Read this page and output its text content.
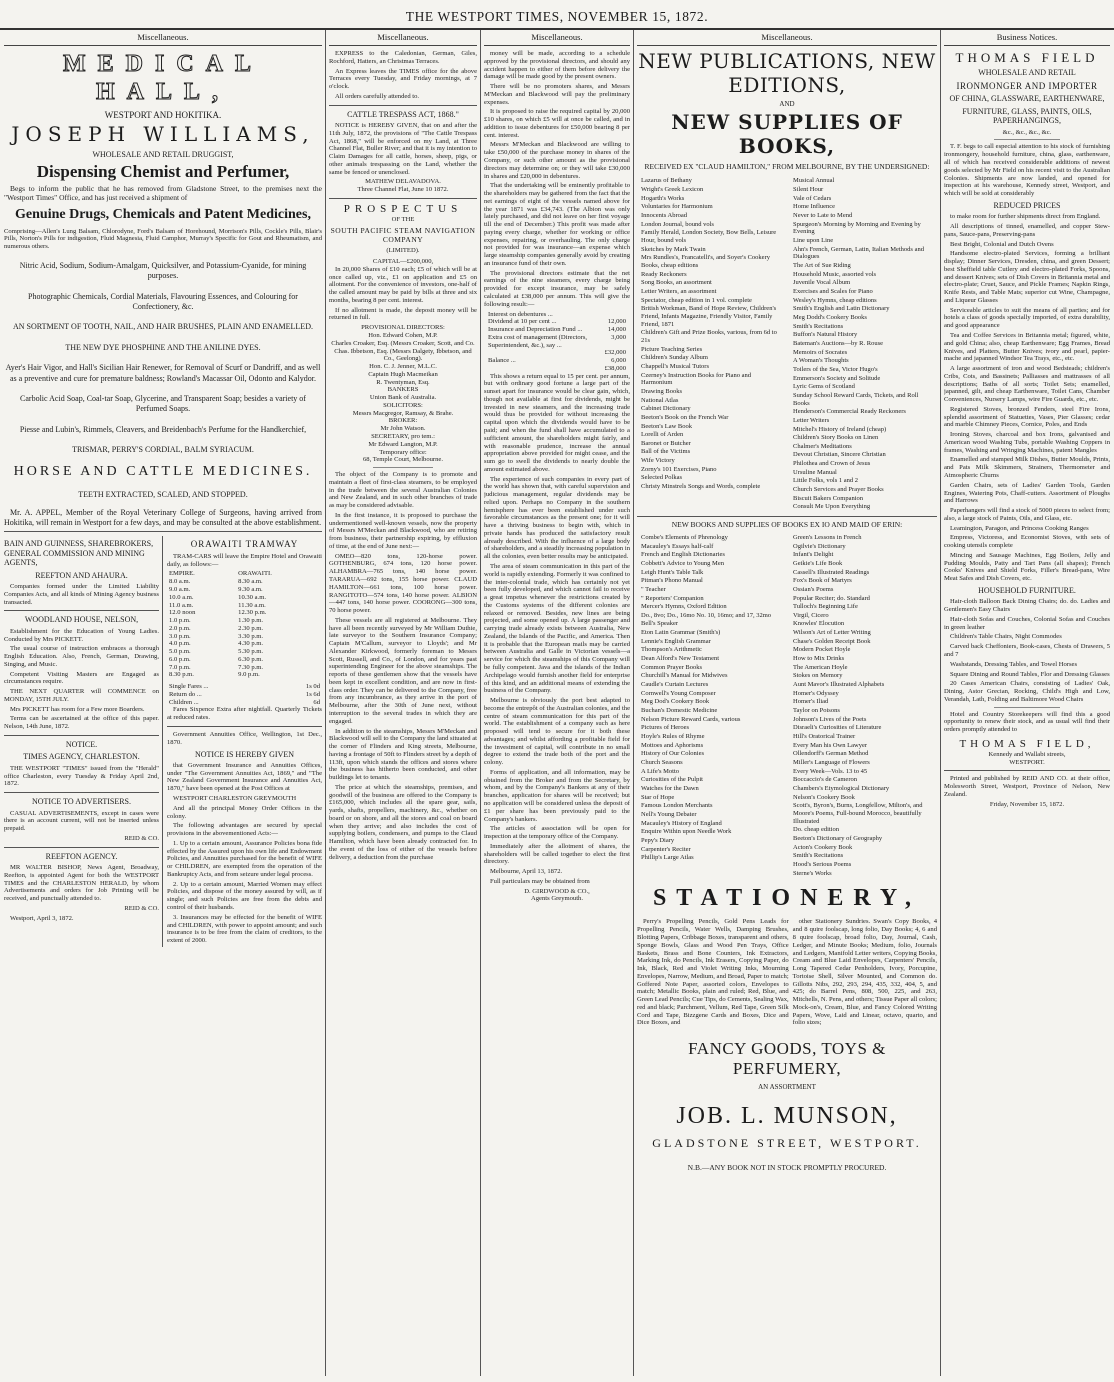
THE WESTPORT TIMES, NOVEMBER 15, 1872.
Miscellaneous.
MEDICAL HALL,
WESTPORT AND HOKITIKA.
JOSEPH WILLIAMS,
WHOLESALE AND RETAIL DRUGGIST,
Dispensing Chemist and Perfumer,

Begs to inform the public that he has removed from Gladstone Street, to the premises next the "Westport Times" Office, and has just received a shipment of

Genuine Drugs, Chemicals and Patent Medicines,

Comprising—Allen's Lung Balsam, Chlorodyne, Ford's Balsam of Horehound, Morrison's Pills, Cockle's Pills, Blair's Pills, Norton's Pills for indigestion, Fluid Magnesia, Fluid Camphor, Murray's Specific for Gout and Rheumatism, and numerous others.

Nitric Acid, Sodium, Sodium-Amalgam, Quicksilver, and Potassium-Cyanide, for mining purposes.
Photographic Chemicals, Cordial Materials, Flavouring Essences, and Colouring for Confectionery, &c.
AN SORTMENT OF TOOTH, NAIL, AND HAIR BRUSHES, PLAIN AND ENAMELLED.
THE NEW DYE PHOSPHINE AND THE ANILINE DYES.
Ayer's Hair Vigor, and Hall's Sicilian Hair Renewer, for Removal of Scurf or Dandriff, and as well as a preventive and cure for premature baldness; Rowland's Macassar Oil, Odonto and Kalydor.
Carbolic Acid Soap, Coal-tar Soap, Glycerine, and Transparent Soap; besides a variety of Perfumed Soaps.
Piesse and Lubin's, Rimmels, Cleavers, and Breidenbach's Perfume for the Handkerchief,
TRISMAR, PERRY'S CORDIAL, BALM SYRIACUM.
HORSE AND CATTLE MEDICINES.
TEETH EXTRACTED, SCALED, AND STOPPED.

Mr. A. APPEL, Member of the Royal Veterinary College of Surgeons, having arrived from Hokitika, will remain in Westport for a few days, and may be consulted at the above establishment.

BAIN AND GUINNESS, SHAREBROKERS, GENERAL COMMISSION AND MINING AGENTS,
REEFTON AND AHAURA.

Companies formed under the Limited Liability Companies Acts, and all kinds of Mining Agency business transacted.

WOODLAND HOUSE, NELSON,

Establishment for the Education of Young Ladies. Conducted by Mrs PICKETT.

The usual course of instruction embraces a thorough English Education. Also, French, German, Drawing, Singing, and Music.

Competent Visiting Masters are Engaged as circumstances require.

THE NEXT QUARTER will COMMENCE on MONDAY, 15TH JULY.

Mrs PICKETT has room for a Few more Boarders.

Terms can be ascertained at the office of this paper. Nelson, 14th June, 1872.

NOTICE.
TIMES AGENCY, CHARLESTON.

THE WESTPORT "TIMES" issued from the "Herald" office Charleston, every Tuesday & Friday April 2nd, 1872.

NOTICE TO ADVERTISERS.

CASUAL ADVERTISEMENTS, except in cases were there is an account current, will not be inserted unless prepaid.

REID & CO.
REEFTON AGENCY.

MR WALTER BISHOP, News Agent, Broadway, Reefton, is appointed Agent for both the WESTPORT TIMES and the CHARLESTON HERALD, by whom Advertisements and orders for Job Printing will be received, and punctually attended to.

REID & CO.

Westport, April 3, 1872.

ORAWAITI TRAMWAY

TRAM-CARS will leave the Empire Hotel and Orawaiti daily, as follows:—

EMPIRE.	ORAWAITI.
8.0 a.m.	8.30 a.m.
9.0 a.m.	9.30 a.m.
10.0 a.m.	10.30 a.m.
11.0 a.m.	11.30 a.m.
12.0 noon	12.30 p.m.
1.0 p.m.	1.30 p.m.
2.0 p.m.	2.30 p.m.
3.0 p.m.	3.30 p.m.
4.0 p.m.	4.30 p.m.
5.0 p.m.	5.30 p.m.
6.0 p.m.	6.30 p.m.
7.0 p.m.	7.30 p.m.
8.30 p.m.	9.0 p.m.
Single Fares ...	1s 0d
Return do ...	1s 6d
Children ...	6d

Fares Sixpence Extra after nightfall. Quarterly Tickets at reduced rates.

Government Annuities Office, Wellington, 1st Dec., 1870.

NOTICE IS HEREBY GIVEN

that Government Insurance and Annuities Offices, under "The Government Annuities Act, 1869," and "The New Zealand Government Insurance and Annuities Act, 1870," have been opened at the Post Offices at

WESTPORT CHARLESTON GREYMOUTH

And all the principal Money Order Offices in the colony.

The following advantages are secured by special provisions in the abovementioned Acts:—

1. Up to a certain amount, Assurance Policies bona fide effected by the Assured upon his own life and Endowment Policies, and Annuities purchased for the benefit of WIFE or CHILDREN, are exempted from the operation of the Bankruptcy Acts, and from seizure under legal process.

2. Up to a certain amount, Married Women may effect Policies, and dispose of the money assured by will, as if single; and such Policies are free from the debts and control of their husbands.

3. Insurances may be effected for the benefit of WIFE and CHILDREN, with power to appoint amount; and such insurance is to be free from the claim of creditors, to the extent of 2000.

Miscellaneous.

EXPRESS to the Caledonian, German, Giles, Rochford, Hatters, an Christmas Terraces.

An Express leaves the TIMES office for the above Terraces every Tuesday, and Friday mornings, at 7 o'clock.

All orders carefully attended to.

CATTLE TRESPASS ACT, 1868."

NOTICE is HEREBY GIVEN, that on and after the 11th July, 1872, the provisions of "The Cattle Trespass Act, 1868," will be enforced on my Land, at Three Channel Flat, Buller River; and that it is my intention to Claim Damages for all cattle, horses, sheep, pigs, or other animals trespassing on the Land, whether the same be fenced or unenclosed.

MATHEW DELAVADOVA.
Three Channel Flat, June 10 1872.
PROSPECTUS
OF THE
SOUTH PACIFIC STEAM NAVIGATION COMPANY
(LIMITED).
CAPITAL—£200,000,

In 20,000 Shares of £10 each; £5 of which will be at once called up, viz., £1 on application and £5 on allotment. For the convenience of investors, one-half of the called amount may be paid by bills at three and six months, bearing 8 per cent. interest.

If no allotment is made, the deposit money will be returned in full.

PROVISIONAL DIRECTORS:
Hon. Edward Cohen, M.P.
Charles Croaker, Esq. (Messrs Croaker, Scott, and Co.
Chas. Ibbetson, Esq. (Messrs Dalgety, Ibbetson, and Co., Geelong).
Hon. C. J. Jenner, M.L.C.
Captain Hugh Macmeikan
R. Twentyman, Esq.
BANKERS
Union Bank of Australia.
SOLICITORS:
Messrs Macgregor, Ramsay, & Brahe.
BROKER:
Mr John Watson.
SECRETARY, pro tem.:
Mr Edward Langton, M.P.
Temporary office:
68, Temple Court, Melbourne.

The object of the Company is to promote and maintain a fleet of first-class steamers, to be employed in the trade between the several Australian Colonies and New Zealand, and in such other branches of trade as may be considered advisable.

In the first instance, it is proposed to purchase the undermentioned well-known vessels, now the property of Messrs M'Meckan and Blackwood, who are retiring from business, their partnership expiring, by effluxion of time, at the end of June next:—

OMEO—820 tons, 120-horse power. GOTHENBURG, 674 tons, 120 horse power. ALHAMBRA—765 tons, 140 horse power. TARARUA—692 tons, 155 horse power. CLAUD HAMILTON—661 tons, 100 horse power. RANGITOTO—574 tons, 140 horse power. ALBION—447 tons, 140 horse power. COORONG—300 tons, 70 horse power.

These vessels are all registered at Melbourne. They have all been recently surveyed by Mr William Duthie, late surveyor to the Southern Insurance Company; Captain M'Callum, surveyor to Lloyds'; and Mr Alexander Kirkwood, formerly foreman to Messrs Scott, Russell, and Co., of London, and for years past superintending Engineer for the above steamships. The reports of these gentlemen show that the vessels have been kept in excellent condition, and are now in first-class order. They can be delivered to the Company, free from any incumbrance, as they arrive in the port of Melbourne, after the 30th of June next, without interruption to the several trades in which they are engaged.

In addition to the steamships, Messrs M'Meckan and Blackwood will sell to the Company the land situated at the corner of Flinders and King streets, Melbourne, having a frontage of 50ft to Flinders street by a depth of 113ft, upon which stands the offices and stores where the business has hitherto been conducted, and other buildings let to tenants.

The price at which the steamships, premises, and goodwill of the business are offered to the Company is £165,000, which includes all the spare gear, sails, yards, shafts, propellers, machinery, &c., whether on board or on shore, and all the stores and coal on board when they arrive; and also includes the cost of supplying boilers, condensers, and pumps to the Claud Hamilton, which have been already contracted for. In the event of the loss of either of the vessels before delivery, a deduction from the purchase

Miscellaneous.

money will be made, according to a schedule approved by the provisional directors, and should any accident happen to either of them before delivery the damage will be made good by the present owners.

There will be no promoters shares, and Messrs M'Meckan and Blackwood will pay the preliminary expenses.

It is proposed to raise the required capital by 20,000 £10 shares, on which £5 will at once be called, and in addition to issue debentures for £50,000 bearing 8 per cent. interest.

Messrs M'Meckan and Blackwood are willing to take £50,000 of the purchase money in shares of the Company, or such other amount as the provisional directors may determine on; or they will take £30,000 in shares and £20,000 in debentures.

That the undertaking will be eminently profitable to the shareholders may be gathered from the fact that the net earnings of eight of the vessels named above for the year 1871 was £34,743. (The Albion was only lately purchased, and did not leave on her first voyage till the end of December.) This profit was made after paying every charge, whether for working or office expenses, repairing, or overhauling. The only charge not provided for was insurance—an expense which large steamship companies generally avoid by creating an insurance fund of their own.

The provisional directors estimate that the net earnings of the nine steamers, every charge being provided for except insurance, may be safely calculated at £38,000 per annum. This will give the following result:—

Interest on debentures ...
Dividend at 10 per cent ...	12,000
Insurance and Depreciation Fund ...	14,000
Extra cost of management (Directors, Superintendent, &c.), say ...
3,000
£32,000
Balance ...	6,000
£38,000

This shows a return equal to 15 per cent. per annum, but with ordinary good fortune a large part of the sunset apart for insurance would be clear gain, which, though not available at first for dividends, might be invested in new steamers, and the increasing trade would thus be provided for without increasing the capital upon which the dividends would have to be paid; and when the fund shall have accumulated to a sufficient amount, the shareholders might fairly, and with reasonable prudence, increase the annual appropriation above provided for might cease, and the sum go to swell the dividends to nearly double the amount estimated above.

The experience of such companies in every part of the world has shown that, with careful supervision and judicious management, regular dividends may be relied upon. Perhaps no Company in the southern hemisphere has ever been established under such favorable circumstances as the present one; for it will have a thriving business to begin with, which in private hands has produced the satisfactory result already described. With the influence of a large body of shareholders, and a steadily increasing population in all the colonies, even better results may be anticipated.

The area of steam communication in this part of the world is rapidly extending. Formerly it was confined to the inter-colonial trade, which has certainly not yet been fully developed, and which cannot fail to receive a great impetus whenever the restrictions created by the Customs systems of the different colonies are relaxed or removed. Besides, new lines are being projected, and some opened up. A large passenger and carrying trade already exists between Australia, New Zealand, the Islands of the Pacific, and America. Then it is probable that the European mails may be carried between Australia and Galle in Victorian vessels—a service for which the steamships of this Company will be fully competent. Java and the islands of the Indian Archipelago would furnish another field for enterprise of this kind, and an additional means of extending the business of the Company.

Melbourne is obviously the port best adapted to become the entrepôt of the Australian colonies, and the centre of steam communication for this part of the world. The establishment of a company such as here proposed will tend to secure for it both these advantages; and whilst affording a profitable field for the investment of capital, will contribute in no small degree to extend the trade both of the port and the colony.

Forms of application, and all information, may be obtained from the Broker and from the Secretary, by whom, and by the Company's Bankers at any of their branches, application for shares will be received; but no application will be considered unless the deposit of £1 per share has been previously paid to the Company's bankers.

The articles of association will be open for inspection at the temporary office of the Company.

Immediately after the allotment of shares, the shareholders will be called together to elect the first directory.

Melbourne, April 13, 1872.

Full particulars may be obtained from

D. GIRDWOOD & CO.,
Agents Greymouth.
Miscellaneous.
NEW PUBLICATIONS, NEW EDITIONS,
AND
NEW SUPPLIES OF BOOKS,
RECEIVED EX "CLAUD HAMILTON," FROM MELBOURNE, BY THE UNDERSIGNED:
Lazarus of Bethany
Wright's Greek Lexicon
Hogarth's Works
Voluntaries for Harmonium
Innocents Abroad
London Journal, bound vols
Family Herald, London Society, Bow Bells, Leisure Hour, bound vols
Sketches by Mark Twain
Mrs Rundles's, Francatelli's, and Soyer's Cookery Books, cheap editions
Ready Reckoners
Song Books, an assortment
Letter Writers, an assortment
Spectator, cheap edition in 1 vol. complete
British Workman, Band of Hope Review, Children's Friend, Infants Magazine, Friendly Visitor, Family Friend, 1871
Children's Gift and Prize Books, various, from 6d to 21s
Picture Teaching Series
Children's Sunday Album
Chappell's Musical Tutors
Czerney's Instruction Books for Piano and Harmonium
Drawing Books
National Atlas
Cabinet Dictionary
Beeton's Book on the French War
Beeton's Law Book
Lorelli of Arden
Baronet or Butcher
Ball of the Victims
Wife Victory
Zorny's 101 Exercises, Piano
Selected Polkas
Christy Minstrels Songs and Words, complete
Musical Annual
Silent Hour
Vale of Cedars
Home Influence
Never to Late to Mend
Spurgeon's Morning by Morning and Evening by Evening
Line upon Line
Ahn's French, German, Latin, Italian Methods and Dialogues
The Art of Sue Riding
Household Music, assorted vols
Juvenile Vocal Album
Exercises and Scales for Piano
Wesley's Hymns, cheap editions
Smith's English and Latin Dictionary
Meg Dodd's Cookery Books
Smith's Recitations
Buffon's Natural History
Bateman's Auctions—by R. Rouse
Memoirs of Socrates
A Woman's Thoughts
Toilers of the Sea, Victor Hugo's
Emmerson's Society and Solitude
Lyric Gems of Scotland
Sunday School Reward Cards, Tickets, and Roll Books
Henderson's Commercial Ready Reckoners
Letter Writers
Mitchel's History of Ireland (cheap)
Children's Story Books on Linen
Chalmer's Meditations
Devout Christian, Sincere Christian
Philothea and Crown of Jesus
Ursuline Manual
Little Folks, vols 1 and 2
Church Services and Prayer Books
Biscuit Bakers Companion
Consult Me Upon Everything
NEW BOOKS AND SUPPLIES OF BOOKS EX IO AND MAID OF ERIN:
Combe's Elements of Phrenology
Macauley's Essays half-calf
French and English Dictionaries
Cobbett's Advice to Young Men
Leigh Hunt's Table Talk
Pitman's Phono Manual
" Teacher
" Reporters' Companion
Mercer's Hymns, Oxford Edition
Do., 8vo; Do., 16mo No. 10, 16mo; and 17, 32mo
Bell's Speaker
Eton Latin Grammar (Smith's)
Lennie's English Grammar
Thompson's Arithmetic
Dean Alford's New Testament
Common Prayer Books
Churchill's Manual for Midwives
Caudle's Curtain Lectures
Cornwell's Young Composer
Meg Dod's Cookery Book
Buchan's Domestic Medicine
Nelson Picture Reward Cards, various
Pictures of Heroes
Hoyle's Rules of Rhyme
Mottoes and Aphorisms
History of Our Colonies
Church Seasons
A Life's Motto
Curiosities of the Pulpit
Watches for the Dawn
Star of Hope
Famous London Merchants
Nell's Young Debater
Macauley's History of England
Enquire Within upon Needle Work
Pepy's Diary
Carpenter's Reciter
Phillip's Large Atlas
Green's Lessons in French
Ogilvie's Dictionary
Infant's Delight
Geikie's Life Book
Cassell's Illustrated Readings
Fox's Book of Martyrs
Ossian's Poems
Popular Reciter; do. Standard
Tulloch's Beginning Life
Virgil, Cicero
Knowles' Elocution
Wilson's Art of Letter Writing
Chase's Golden Receipt Book
Modern Pocket Hoyle
How to Mix Drinks
The American Hoyle
Stokes on Memory
Aunt Mavor's Illustrated Alphabets
Homer's Odyssey
Homer's Iliad
Taylor on Poisons
Johnson's Lives of the Poets
Disraeli's Curiosities of Literature
Hill's Oratorical Trainer
Every Man his Own Lawyer
Ollendorff's German Method
Miller's Language of Flowers
Every Week—Vols. 13 to 45
Boccaccio's de Cameron
Chambers's Etymological Dictionary
Nelson's Cookery Book
Scott's, Byron's, Burns, Longfellow, Milton's, and Moore's Poems, Full-bound Morocco, beautifully Illustrated
Do. cheap edition
Beeton's Dictionary of Geography
Acton's Cookery Book
Smith's Recitations
Hood's Serious Poems
Sterne's Works
STATIONERY,

Perry's Propelling Pencils, Gold Pens Leads for Propelling Pencils, Water Wells, Damping Brushes, Blotting Papers, Cribbage Boxes, transparent and others, Sponge Bowls, Glass and Wood Pen Trays, Office Baskets, Brass and Bone Counters, Ink Extractors, Marking Ink, do Pencils, Ink Erasers, Copying Paper, do Ink, Black, Red and Violet Writing Inks, Mourning Envelopes, Narrow, Medium, and Broad, Paper to match; Goffered Note Paper, assorted colors, Envelopes to match; Metallic Books, plain and ruled; Red, Blue, and Green Lead Pencils; Cue Tips, do Cements, Sealing Wax, red and black; Parchment, Vellum, Red Tape, Green Silk Cord and Tape, Bizzgene Cards and Boxes, Dice and Dice Boxes, and

other Stationery Sundries. Swan's Copy Books, 4 and 8 quire foolscap, long folio, Day Books; 4, 6 and 8 quire foolscap, broad folio, Day, Journal, Cash, Ledger, and Minute Books; Medium, folio, Journals and Ledgers, Manifold Letter writers, Copying Books, Cream and Blue Laid Envelopes, Carpenters' Pencils, Long Tapered Cedar Penholders, Ivory, Porcupine, Tortoise Shell, Silver Mounted, and Common do. Gillotts Nibs, 292, 293, 294, 435, 332, 404, 5, and 425; do Barrel Pens, 808, 500, 225, and 263, Mitchells, N. Pens, and others; Tissue Paper all colors; Mock-on's, Cream, Blue, and Fancy Colored Writing Papers, Wove, Laid and Linear, octavo, quarto, and folio sizes;

FANCY GOODS, TOYS & PERFUMERY,
AN ASSORTMENT
JOB. L. MUNSON,
GLADSTONE STREET, WESTPORT.
N.B.—ANY BOOK NOT IN STOCK PROMPTLY PROCURED.
Business Notices.
THOMAS FIELD
WHOLESALE AND RETAIL
IRONMONGER AND IMPORTER
OF CHINA, GLASSWARE, EARTHENWARE,
FURNITURE, GLASS, PAINTS, OILS, PAPERHANGINGS,
&c., &c., &c., &c.

T. F. begs to call especial attention to his stock of furnishing ironmongery, household furniture, china, glass, earthenware, all of which has received considerable additions of newest goods selected by Mr Field on his recent visit to the Australian Colonies. Shipments are now landed, and opened for inspection at his warehouse, Kennedy street, Westport, and which will be sold at considerably

REDUCED PRICES

to make room for further shipments direct from England.

All descriptions of tinned, enamelled, and copper Stew-pans, Sauce-pans, Preserving-pans

Best Bright, Colonial and Dutch Ovens

Handsome electro-plated Services, forming a brilliant display; Dinner Services, Dresden, china, and green Dessert; best Sheffield table Cutlery and electro-plated Forks, Spoons, and dessert Knives; sets of Dish Covers in Britannia metal and electro-plate; Cruet, Sauce, and Pickle Frames; Napkin Rings, Knife Rests, and Table Mats; superior cut Wine, Champagne, and Liqueur Glasses

Serviceable articles to suit the means of all parties; and for hotels a class of goods specially imported, of extra durability, and good appearance

Tea and Coffee Services in Britannia metal; figured, white, and gold China; also, cheap Earthenware; Egg Frames, Bread Knives, and Platters, Butter Knives; ivory and pearl, papier-mache and japanned Windsor Tea Trays, etc., etc.

A large assortment of iron and wood Bedsteads; children's Cribs, Cots, and Bassinets; Palliasses and mattrasses of all descriptions; Baths of all sorts; Toilet Sets; enamelled, japanned, gilt, and cheap Earthenware, Toilet Cans, Chamber Conveniences, Nursery Lamps, wire Fire Guards, etc., etc.

Registered Stoves, bronzed Fenders, steel Fire Irons, splendid assortment of Statuettes, Vases, Pier Glasses; cedar and marble Chimney Pieces, Cornice, Poles, and Ends

Ironing Stoves, charcoal and box Irons, galvanised and American wood Washing Tubs, portable Washing Coppers in frames, Washing and Wringing Machines, patent Mangles

Enamelled and stamped Milk Dishes, Butter Moulds, Prints, and Pats Milk Skimmers, Strainers, Thermometer and Atmospheric Churns

Garden Chairs, sets of Ladies' Garden Tools, Garden Engines, Watering Pots, Chaff-cutters. Assortment of Ploughs and Harrows

Paperhangers will find a stock of 5000 pieces to select from; also, a large stock of Paints, Oils, and Glass, etc.

Leamington, Paragon, and Princess Cooking Ranges

Empress, Victoress, and Economist Stoves, with sets of cooking utensils complete

Mincing and Sausage Machines, Egg Boilers, Jelly and Pudding Moulds, Patty and Tart Pans (all shapes); French Cooks' Knives and Shield Forks, Filler's Bread-pans, Wire Meat Safes and Dish Covers, etc.

HOUSEHOLD FURNITURE.

Hair-cloth Balloon Back Dining Chairs; do. do. Ladies and Gentlemen's Easy Chairs

Hair-cloth Sofas and Couches, Colonial Sofas and Couches in green leather

Children's Table Chairs, Night Commodes

Carved back Cheffoniers, Book-cases, Chests of Drawers, 5 and 7

Washstands, Dressing Tables, and Towel Horses

Square Dining and Round Tables, Flor and Dressing Glasses

20 Cases American Chairs, consisting of Ladies' Oak, Dining, Astor Grecian, Rocking, Child's High and Low, Verandah, Lath, Folding and Baltimore Wood Chairs

Hotel and Country Storekeepers will find this a good opportunity to renew their stock, and as usual will find their orders promptly attended to

THOMAS FIELD,
Kennedy and Wallabi streets,
WESTPORT.

Printed and published by REID AND CO. at their office, Molesworth Street, Westport, Province of Nelson, New Zealand.

Friday, November 15, 1872.
